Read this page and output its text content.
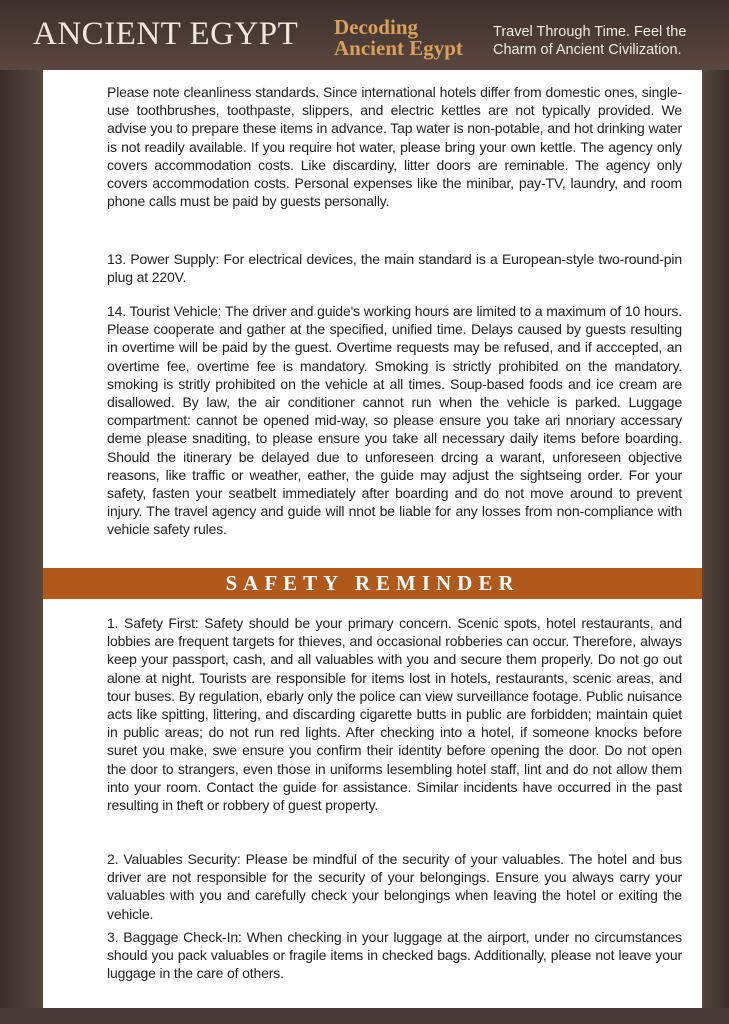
ANCIENT EGYPT Decoding
Ancient Egypt
Travel Through Time. Feel the
Charm of Ancient Civilization.
Please note cleanliness standards. Since international hotels differ from domestic ones, single-use toothbrushes, toothpaste, slippers, and electric kettles are not typically provided. We advise you to prepare these items in advance. Tap water is non-potable, and hot drinking water is not readily available. If you require hot water, please bring your own kettle. The agency only covers accommodation costs. Like discardiny, litter doors are reminable. The agency only covers accommodation costs. Personal expenses like the minibar, pay-TV, laundry, and room phone calls must be paid by guests personally.
13. Power Supply: For electrical devices, the main standard is a European-style two-round-pin plug at 220V.
14. Tourist Vehicle: The driver and guide's working hours are limited to a maximum of 10 hours. Please cooperate and gather at the specified, unified time. Delays caused by guests resulting in overtime will be paid by the guest. Overtime requests may be refused, and if acccepted, an overtime fee, overtime fee is mandatory. Smoking is strictly prohibited on the mandatory. smoking is stritly prohibited on the vehicle at all times. Soup-based foods and ice cream are disallowed. By law, the air conditioner cannot run when the vehicle is parked. Luggage compartment: cannot be opened mid-way, so please ensure you take ari nnoriary accessary deme please snaditing, to please ensure you take all necessary daily items before boarding. Should the itinerary be delayed due to unforeseen drcing a warant, unforeseen objective reasons, like traffic or weather, eather, the guide may adjust the sightseing order. For your safety, fasten your seatbelt immediately after boarding and do not move around to prevent injury. The travel agency and guide will nnot be liable for any losses from non-compliance with vehicle safety rules.
SAFETY REMINDER
1. Safety First: Safety should be your primary concern. Scenic spots, hotel restaurants, and lobbies are frequent targets for thieves, and occasional robberies can occur. Therefore, always keep your passport, cash, and all valuables with you and secure them properly. Do not go out alone at night. Tourists are responsible for items lost in hotels, restaurants, scenic areas, and tour buses. By regulation, ebarly only the police can view surveillance footage. Public nuisance acts like spitting, littering, and discarding cigarette butts in public are forbidden; maintain quiet in public areas; do not run red lights. After checking into a hotel, if someone knocks before suret you make, swe ensure you confirm their identity before opening the door. Do not open the door to strangers, even those in uniforms lesembling hotel staff, lint and do not allow them into your room. Contact the guide for assistance. Similar incidents have occurred in the past resulting in theft or robbery of guest property.
2. Valuables Security: Please be mindful of the security of your valuables. The hotel and bus driver are not responsible for the security of your belongings. Ensure you always carry your valuables with you and carefully check your belongings when leaving the hotel or exiting the vehicle.
3. Baggage Check-In: When checking in your luggage at the airport, under no circumstances should you pack valuables or fragile items in checked bags. Additionally, please not leave your luggage in the care of others.
